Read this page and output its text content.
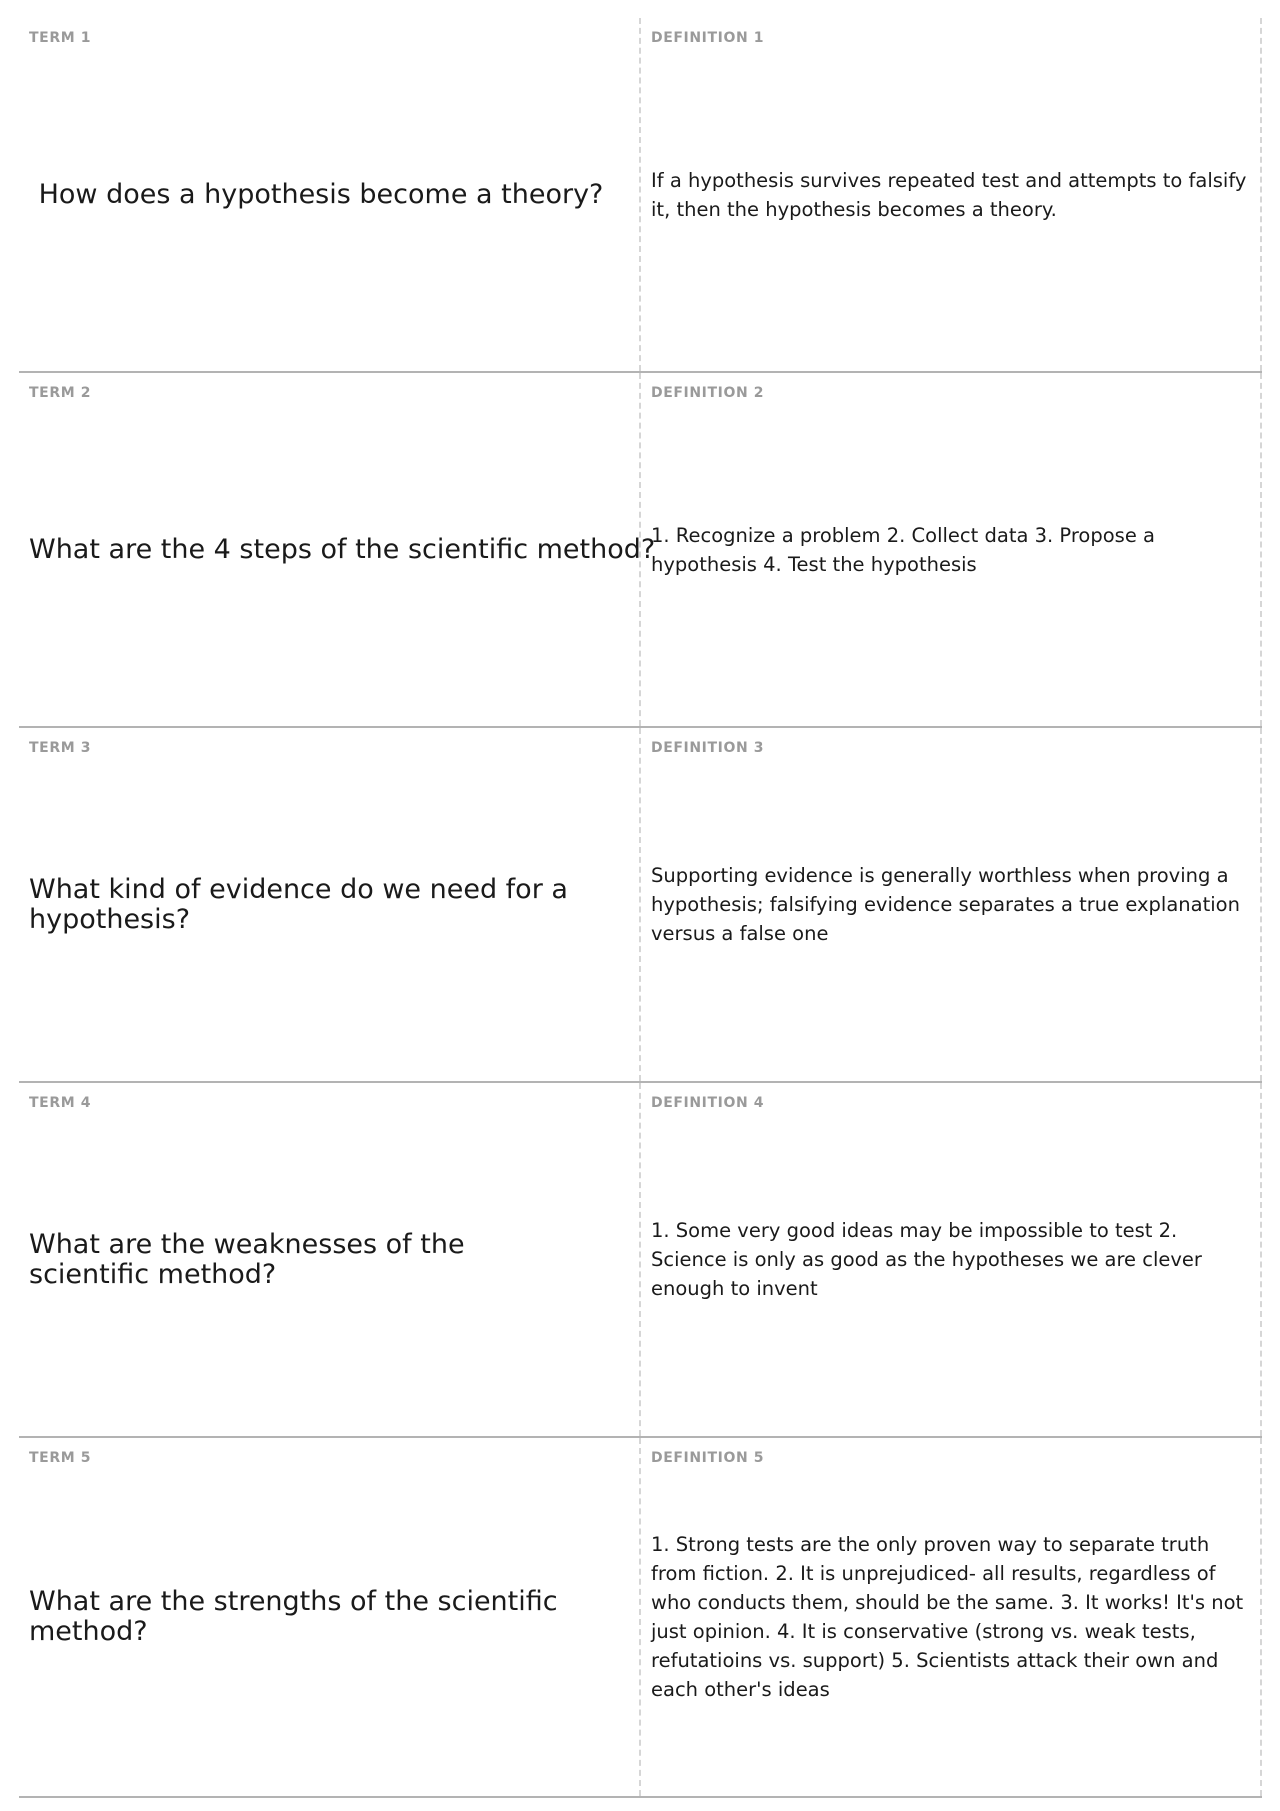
TERM 1
How does a hypothesis become a theory?
DEFINITION 1
If a hypothesis survives repeated test and attempts to falsify it, then the hypothesis becomes a theory.
TERM 2
What are the 4 steps of the scientific method?
DEFINITION 2
1. Recognize a problem 2. Collect data 3. Propose a hypothesis 4. Test the hypothesis
TERM 3
What kind of evidence do we need for a hypothesis?
DEFINITION 3
Supporting evidence is generally worthless when proving a hypothesis; falsifying evidence separates a true explanation versus a false one
TERM 4
What are the weaknesses of the scientific method?
DEFINITION 4
1. Some very good ideas may be impossible to test 2. Science is only as good as the hypotheses we are clever enough to invent
TERM 5
What are the strengths of the scientific method?
DEFINITION 5
1. Strong tests are the only proven way to separate truth from fiction. 2. It is unprejudiced- all results, regardless of who conducts them, should be the same. 3. It works! It's not just opinion. 4. It is conservative (strong vs. weak tests, refutatioins vs. support) 5. Scientists attack their own and each other's ideas
